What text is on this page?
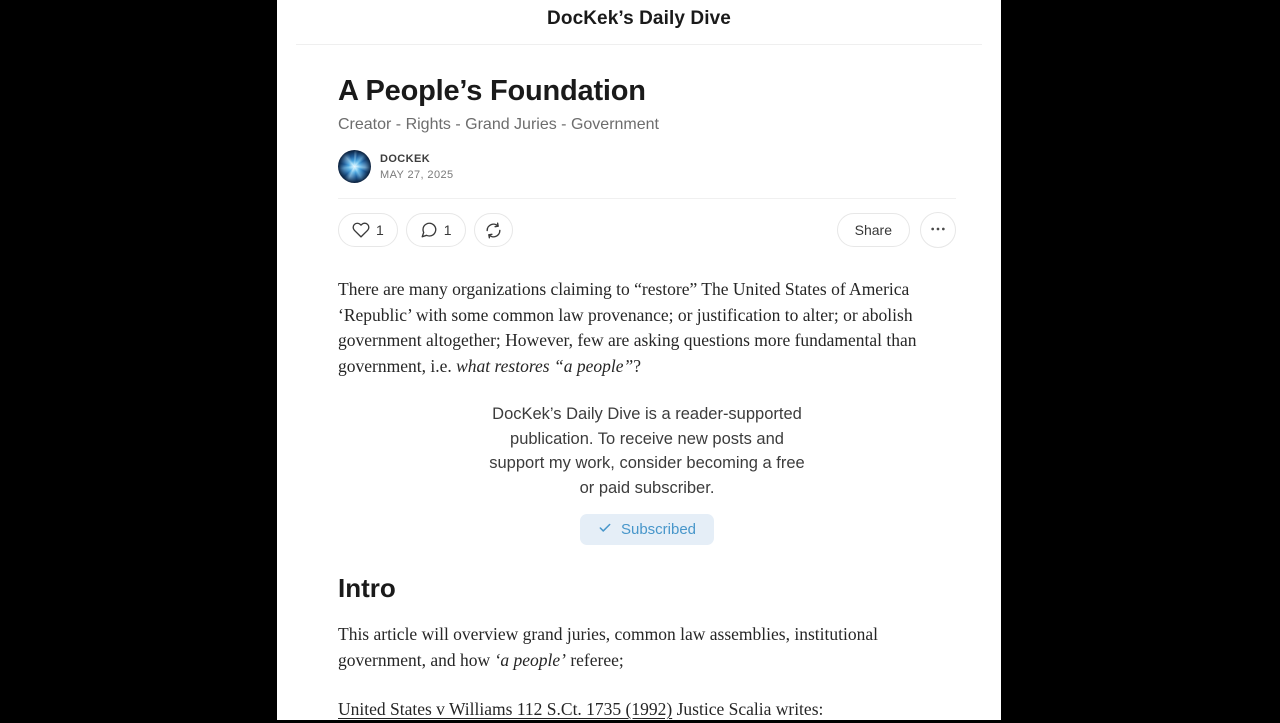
DocKek’s Daily Dive
A People’s Foundation
Creator - Rights - Grand Juries - Government
DOCKEK
MAY 27, 2025
1	1	Share

There are many organizations claiming to “restore” The United States of America ‘Republic’ with some common law provenance; or justification to alter; or abolish government altogether; However, few are asking questions more fundamental than government, i.e. what restores “a people”?

DocKek’s Daily Dive is a reader-supported publication. To receive new posts and support my work, consider becoming a free or paid subscriber.
Subscribed
Intro

This article will overview grand juries, common law assemblies, institutional government, and how ‘a people’ referee;

United States v Williams 112 S.Ct. 1735 (1992) Justice Scalia writes:
